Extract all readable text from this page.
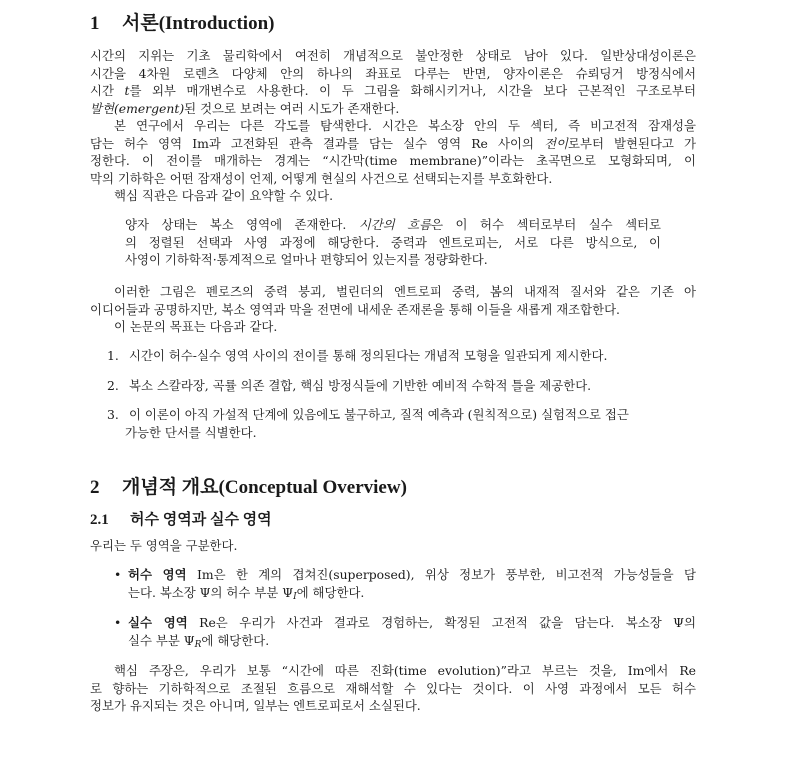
1 서론(Introduction)
시간의 지위는 기초 물리학에서 여전히 개념적으로 불안정한 상태로 남아 있다. 일반상대성이론은
시간을 4차원 로렌츠 다양체 안의 하나의 좌표로 다루는 반면, 양자이론은 슈뢰딩거 방정식에서
시간 t를 외부 매개변수로 사용한다. 이 두 그림을 화해시키거나, 시간을 보다 근본적인 구조로부터
발현(emergent)된 것으로 보려는 여러 시도가 존재한다.
본 연구에서 우리는 다른 각도를 탐색한다. 시간은 복소장 안의 두 섹터, 즉 비고전적 잠재성을
담는 허수 영역 Im과 고전화된 관측 결과를 담는 실수 영역 Re 사이의 전이로부터 발현된다고 가
정한다. 이 전이를 매개하는 경계는 “시간막(time membrane)”이라는 초곡면으로 모형화되며, 이
막의 기하학은 어떤 잠재성이 언제, 어떻게 현실의 사건으로 선택되는지를 부호화한다.
핵심 직관은 다음과 같이 요약할 수 있다.
양자 상태는 복소 영역에 존재한다. 시간의 흐름은 이 허수 섹터로부터 실수 섹터로
의 정렬된 선택과 사영 과정에 해당한다. 중력과 엔트로피는, 서로 다른 방식으로, 이
사영이 기하학적·통계적으로 얼마나 편향되어 있는지를 정량화한다.
이러한 그림은 펜로즈의 중력 붕괴, 벌린더의 엔트로피 중력, 봄의 내재적 질서와 같은 기존 아
이디어들과 공명하지만, 복소 영역과 막을 전면에 내세운 존재론을 통해 이들을 새롭게 재조합한다.
이 논문의 목표는 다음과 같다.
1. 시간이 허수-실수 영역 사이의 전이를 통해 정의된다는 개념적 모형을 일관되게 제시한다.
2. 복소 스칼라장, 곡률 의존 결합, 핵심 방정식들에 기반한 예비적 수학적 틀을 제공한다.
3. 이 이론이 아직 가설적 단계에 있음에도 불구하고, 질적 예측과 (원칙적으로) 실험적으로 접근
가능한 단서를 식별한다.
2 개념적 개요(Conceptual Overview)
2.1 허수 영역과 실수 영역
우리는 두 영역을 구분한다.
• 허수 영역 Im은 한 계의 겹쳐진(superposed), 위상 정보가 풍부한, 비고전적 가능성들을 담
는다. 복소장 Ψ의 허수 부분 $\Psi_I$에 해당한다.
• 실수 영역 Re은 우리가 사건과 결과로 경험하는, 확정된 고전적 값을 담는다. 복소장 Ψ의
실수 부분 $\Psi_R$에 해당한다.
핵심 주장은, 우리가 보통 “시간에 따른 진화(time evolution)”라고 부르는 것을, Im에서 Re
로 향하는 기하학적으로 조절된 흐름으로 재해석할 수 있다는 것이다. 이 사영 과정에서 모든 허수
정보가 유지되는 것은 아니며, 일부는 엔트로피로서 소실된다.
